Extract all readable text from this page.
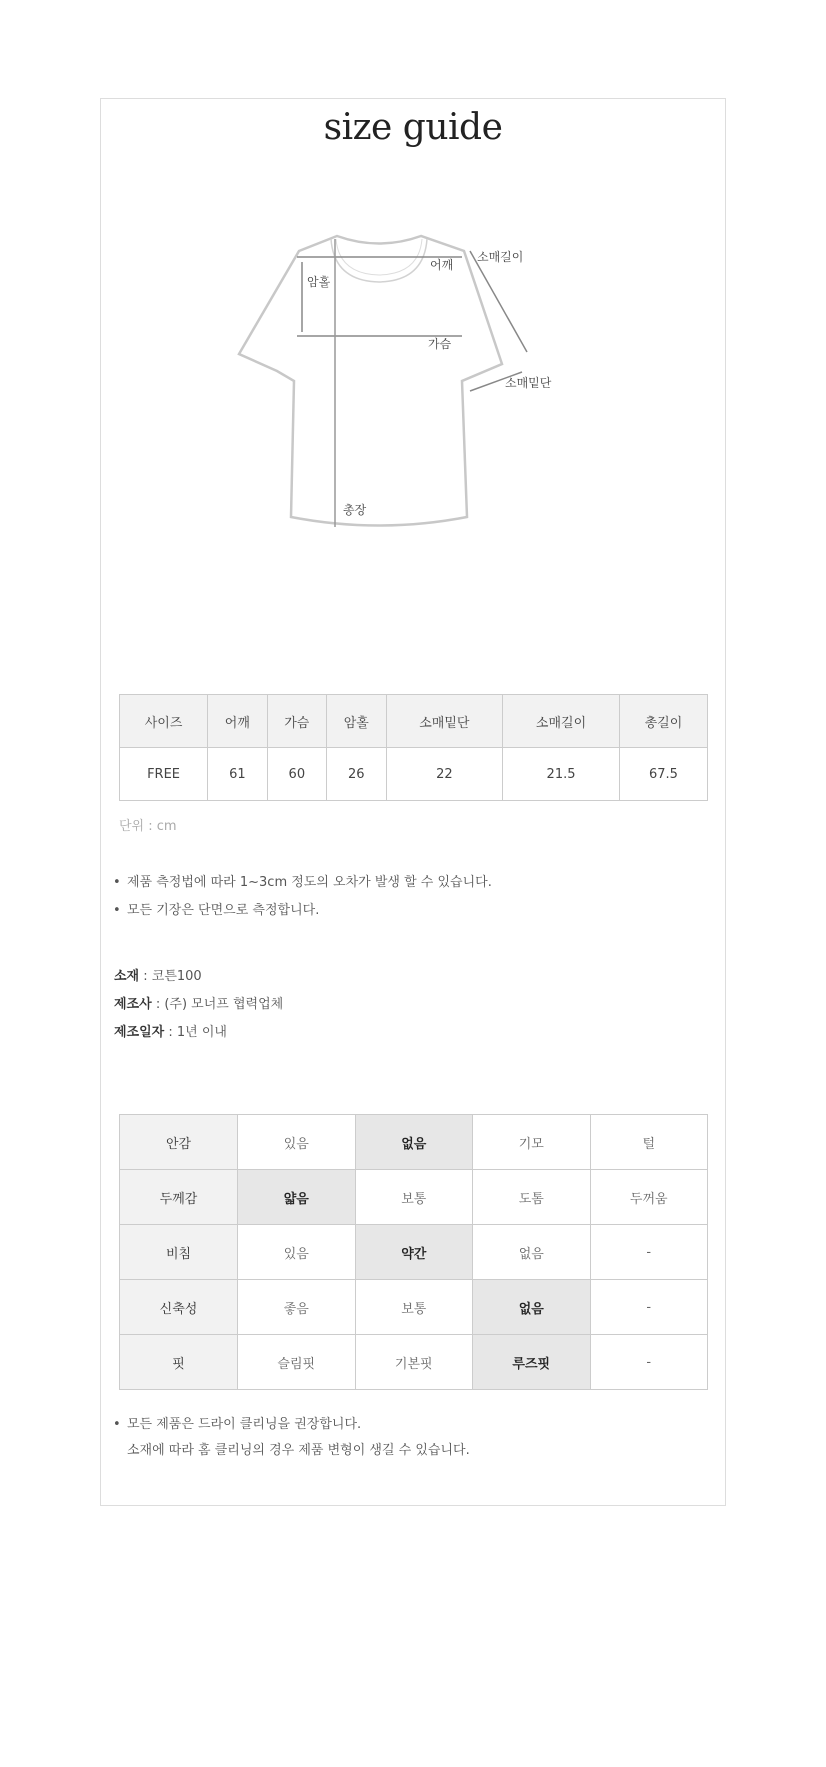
size guide
어깨
암홀
소매길이
가슴
소매밑단
총장
사이즈	어깨	가슴	암홀	소매밑단	소매길이	총길이
FREE	61	60	26	22	21.5	67.5
단위 : cm
• 제품 측정법에 따라 1~3cm 정도의 오차가 발생 할 수 있습니다.
• 모든 기장은 단면으로 측정합니다.
소재 : 코튼100
제조사 : (주) 모너프 협력업체
제조일자 : 1년 이내
안감	있음	없음	기모	털
두께감	얇음	보통	도톰	두꺼움
비침	있음	약간	없음	-
신축성	좋음	보통	없음	-
핏	슬림핏	기본핏	루즈핏	-
• 모든 제품은 드라이 클리닝을 권장합니다.
소재에 따라 홈 클리닝의 경우 제품 변형이 생길 수 있습니다.
